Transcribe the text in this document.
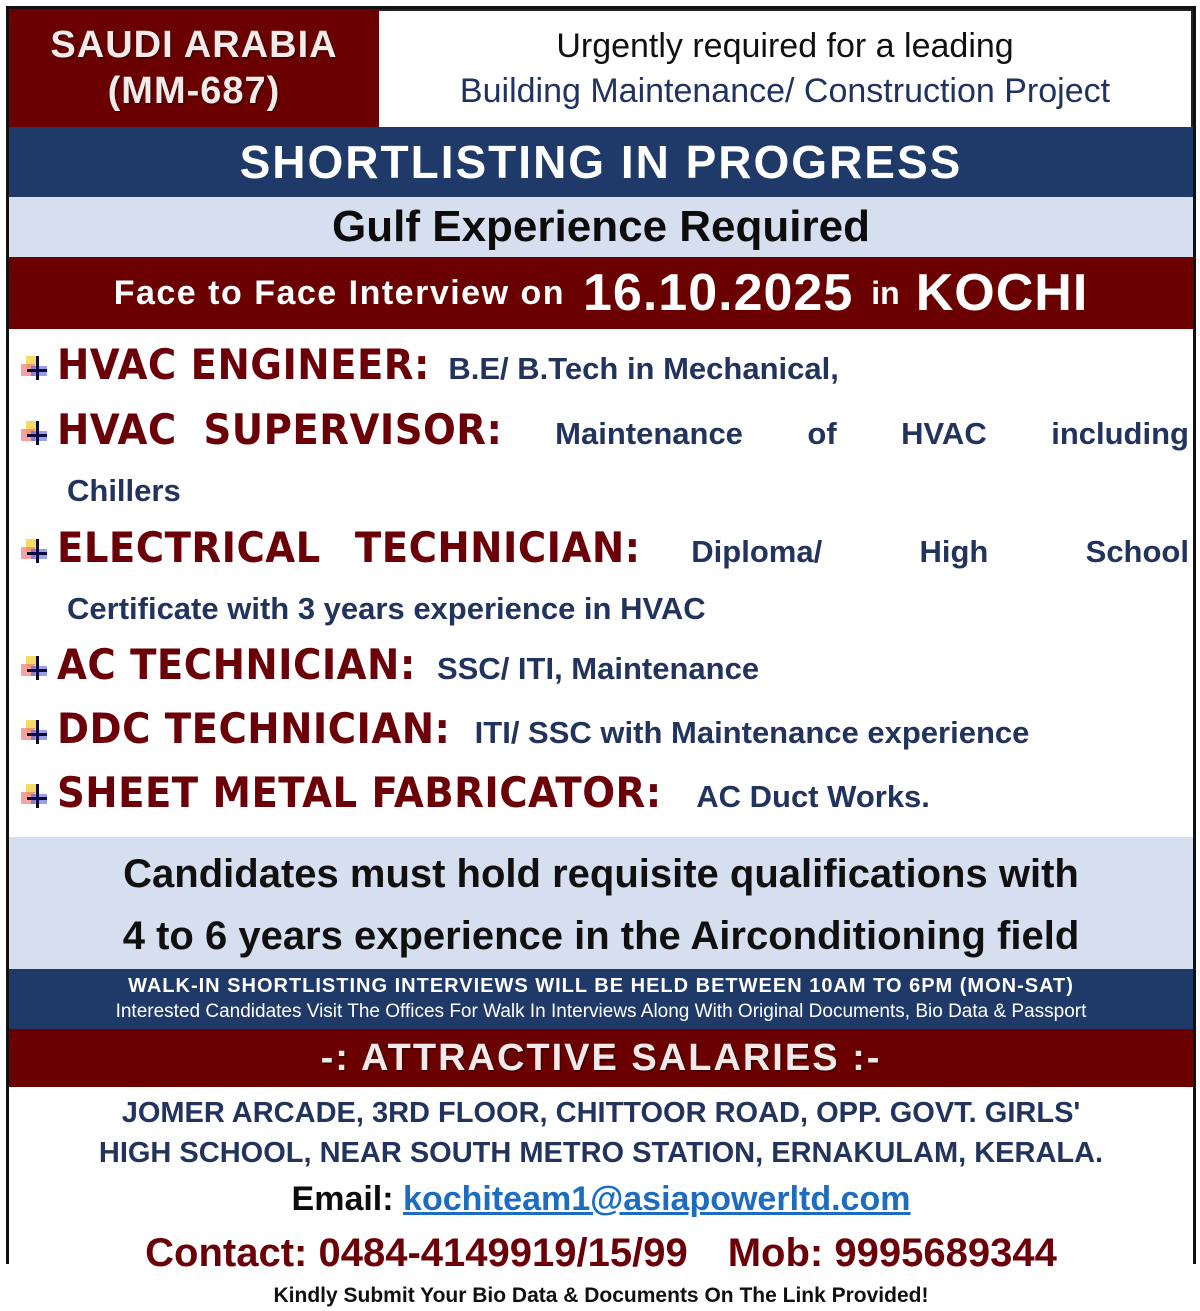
SAUDI ARABIA
(MM-687)
Urgently required for a leading
Building Maintenance/ Construction Project
SHORTLISTING IN PROGRESS
Gulf Experience Required
Face to Face Interview on 16.10.2025 in KOCHI
HVAC ENGINEER: B.E/ B.Tech in Mechanical,
HVAC SUPERVISOR: Maintenance of HVAC including
Chillers
ELECTRICAL TECHNICIAN: Diploma/	High	School
Certificate with 3 years experience in HVAC
AC TECHNICIAN: SSC/ ITI, Maintenance
DDC TECHNICIAN: ITI/ SSC with Maintenance experience
SHEET METAL FABRICATOR: AC Duct Works.
Candidates must hold requisite qualifications with
4 to 6 years experience in the Airconditioning field
WALK-IN SHORTLISTING INTERVIEWS WILL BE HELD BETWEEN 10AM TO 6PM (MON-SAT)
Interested Candidates Visit The Offices For Walk In Interviews Along With Original Documents, Bio Data & Passport
-: ATTRACTIVE SALARIES :-
JOMER ARCADE, 3RD FLOOR, CHITTOOR ROAD, OPP. GOVT. GIRLS'
HIGH SCHOOL, NEAR SOUTH METRO STATION, ERNAKULAM, KERALA.
Email: kochiteam1@asiapowerltd.com
Contact: 0484-4149919/15/99 Mob: 9995689344
Kindly Submit Your Bio Data & Documents On The Link Provided!
